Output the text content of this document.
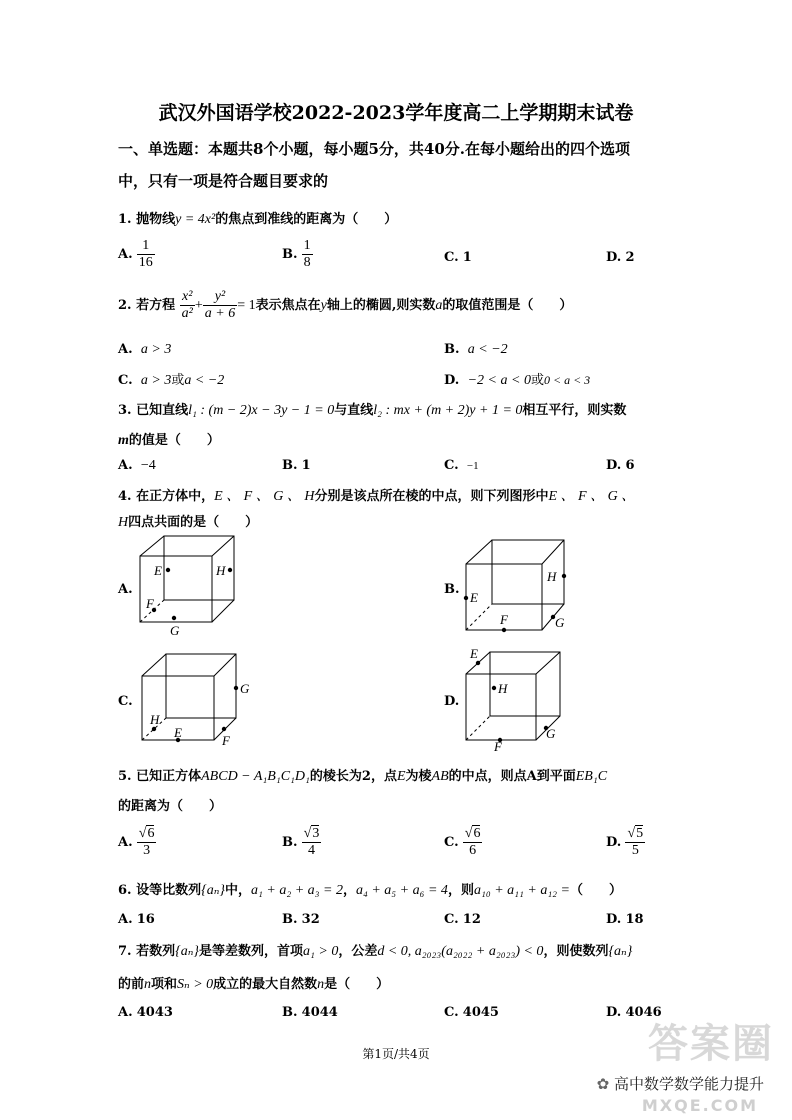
武汉外国语学校2022-2023学年度高二上学期期末试卷
一、单选题：本题共8个小题，每小题5分，共40分.在每小题给出的四个选项
中，只有一项是符合题目要求的
1. 抛物线y = 4x²的焦点到准线的距离为（　　）
A. $\frac{1}{16}$	B. $\frac{1}{8}$	C. 1	D. 2
2. 若方程 $\frac{\text{x²}}{\text{a²}} + \frac{\text{y²}}{a + 6} = 1$表示焦点在y轴上的椭圆,则实数a的取值范围是（　　）
A. a > 3	B. a < −2
C. a > 3或a < −2	D. −2 < a < 0或0 < a < 3
3. 已知直线l₁ : (m − 2)x − 3y − 1 = 0与直线l₂ : mx + (m + 2)y + 1 = 0相互平行，则实数
m的值是（　　）
A. −4	B. 1	C. −1	D. 6
4. 在正方体中，E 、 F 、 G 、 H分别是该点所在棱的中点，则下列图形中E 、 F 、 G 、
H四点共面的是（　　）
A.	B.
C.	D.
E	H
F
G
E
H
F	G
G
H
E
F
E
H
F
G
5. 已知正方体ABCD − A₁B₁C₁D₁的棱长为2，点E为棱AB的中点，则点A到平面EB₁C
的距离为（　　）
A. $\frac{√6}{3}$	B. $\frac{√3}{4}$	C. $\frac{√6}{6}$	D. $\frac{√5}{5}$
6. 设等比数列{aₙ}中，a₁ + a₂ + a₃ = 2，a₄ + a₅ + a₆ = 4，则a₁₀ + a₁₁ + a₁₂ =（　　）
A. 16	B. 32	C. 12	D. 18
7. 若数列{aₙ}是等差数列，首项a₁ > 0，公差d < 0, a₂₀₂₃(a₂₀₂₂ + a₂₀₂₃) < 0，则使数列{aₙ}
的前n项和Sₙ > 0成立的最大自然数n是（　　）
A. 4043	B. 4044	C. 4045	D. 4046
第1页/共4页	答案圈
✿ 高中数学数学能力提升
MXQE.COM
